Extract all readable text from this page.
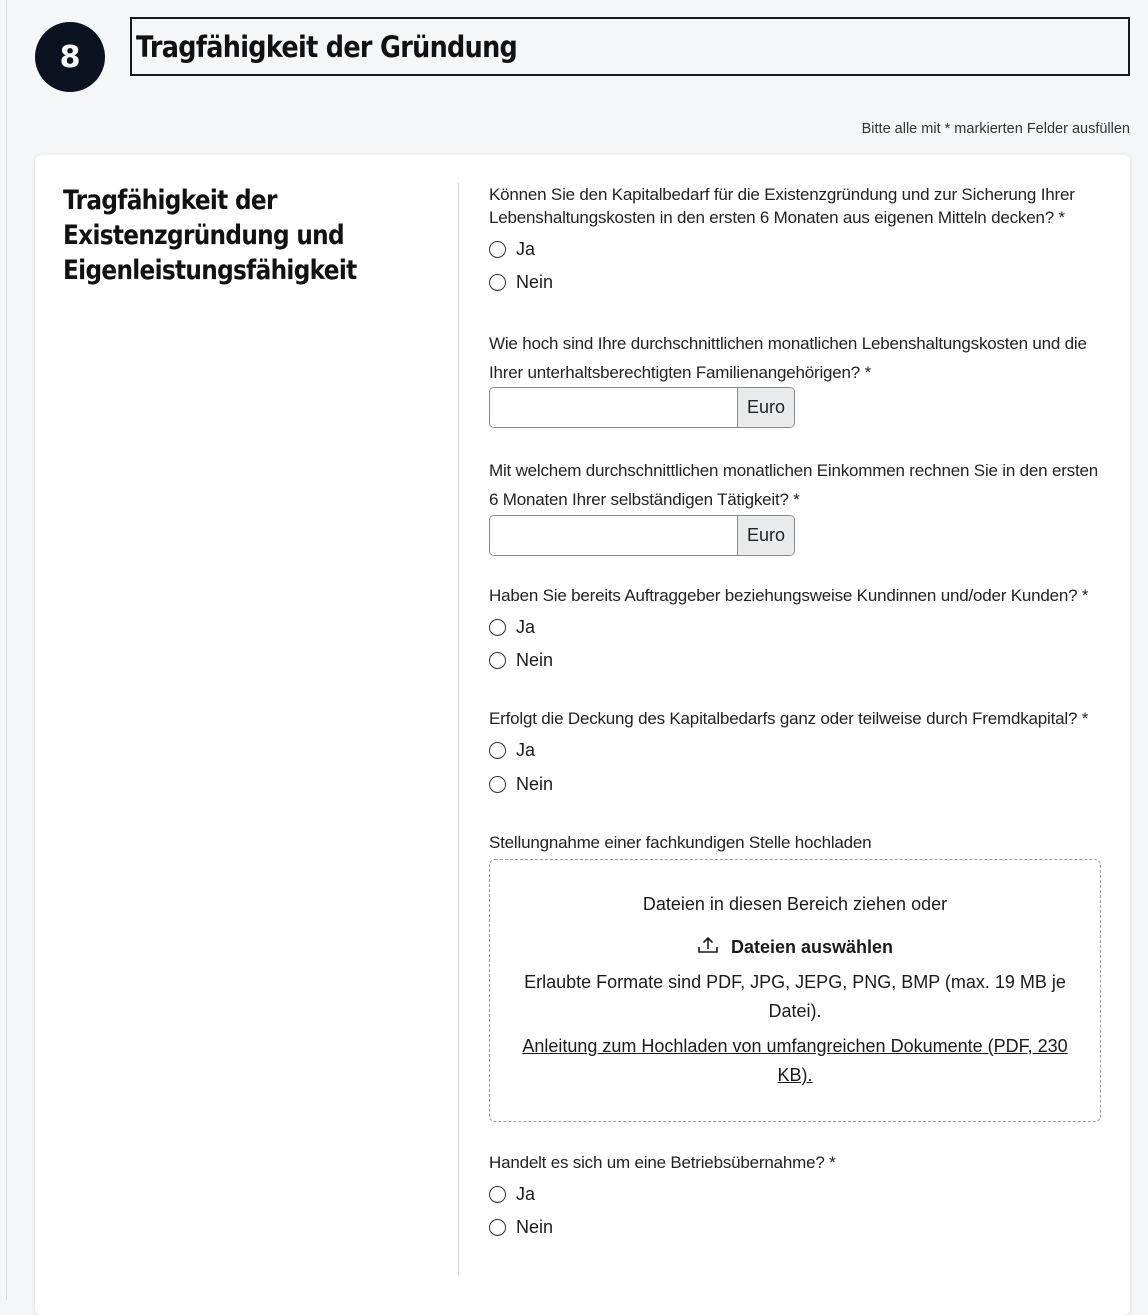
8 Tragfähigkeit der Gründung
Bitte alle mit * markierten Felder ausfüllen
Tragfähigkeit der Existenzgründung und Eigenleistungsfähigkeit
Können Sie den Kapitalbedarf für die Existenzgründung und zur Sicherung Ihrer Lebenshaltungskosten in den ersten 6 Monaten aus eigenen Mitteln decken? *
Ja
Nein
Wie hoch sind Ihre durchschnittlichen monatlichen Lebenshaltungskosten und die Ihrer unterhaltsberechtigten Familienangehörigen? *
Euro
Mit welchem durchschnittlichen monatlichen Einkommen rechnen Sie in den ersten 6 Monaten Ihrer selbständigen Tätigkeit? *
Euro
Haben Sie bereits Auftraggeber beziehungsweise Kundinnen und/oder Kunden? *
Ja
Nein
Erfolgt die Deckung des Kapitalbedarfs ganz oder teilweise durch Fremdkapital? *
Ja
Nein
Stellungnahme einer fachkundigen Stelle hochladen
Dateien in diesen Bereich ziehen oder
Dateien auswählen
Erlaubte Formate sind PDF, JPG, JEPG, PNG, BMP (max. 19 MB je Datei).
Anleitung zum Hochladen von umfangreichen Dokumente (PDF, 230 KB).
Handelt es sich um eine Betriebsübernahme? *
Ja
Nein
